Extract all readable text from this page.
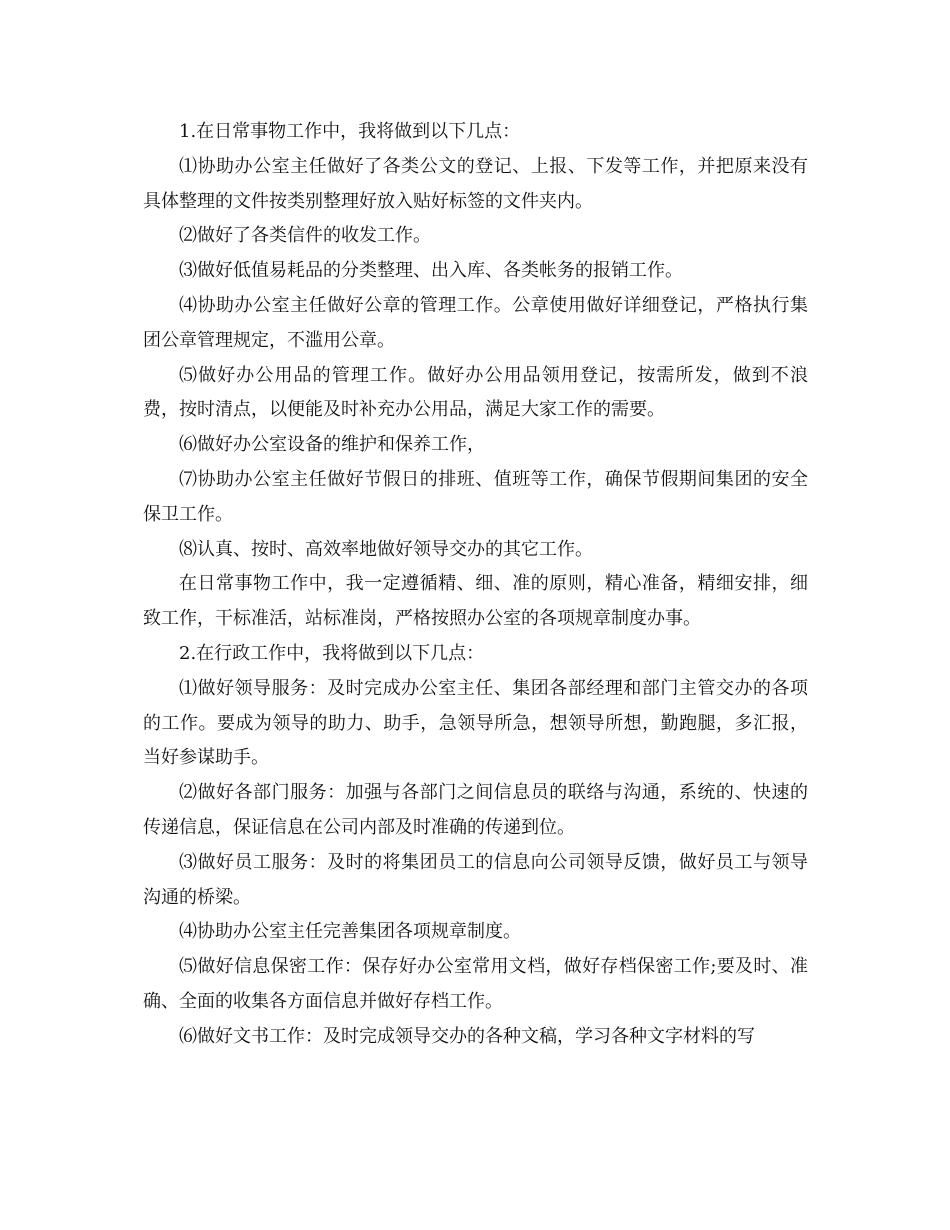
1.在日常事物工作中，我将做到以下几点：

⑴协助办公室主任做好了各类公文的登记、上报、下发等工作，并把原来没有具体整理的文件按类别整理好放入贴好标签的文件夹内。

⑵做好了各类信件的收发工作。

⑶做好低值易耗品的分类整理、出入库、各类帐务的报销工作。

⑷协助办公室主任做好公章的管理工作。公章使用做好详细登记，严格执行集团公章管理规定，不滥用公章。

⑸做好办公用品的管理工作。做好办公用品领用登记，按需所发，做到不浪费，按时清点，以便能及时补充办公用品，满足大家工作的需要。

⑹做好办公室设备的维护和保养工作，

⑺协助办公室主任做好节假日的排班、值班等工作，确保节假期间集团的安全保卫工作。

⑻认真、按时、高效率地做好领导交办的其它工作。

在日常事物工作中，我一定遵循精、细、准的原则，精心准备，精细安排，细致工作，干标准活，站标准岗，严格按照办公室的各项规章制度办事。

2.在行政工作中，我将做到以下几点：

⑴做好领导服务：及时完成办公室主任、集团各部经理和部门主管交办的各项的工作。要成为领导的助力、助手，急领导所急，想领导所想，勤跑腿，多汇报，当好参谋助手。

⑵做好各部门服务：加强与各部门之间信息员的联络与沟通，系统的、快速的传递信息，保证信息在公司内部及时准确的传递到位。

⑶做好员工服务：及时的将集团员工的信息向公司领导反馈，做好员工与领导沟通的桥梁。

⑷协助办公室主任完善集团各项规章制度。

⑸做好信息保密工作：保存好办公室常用文档，做好存档保密工作;要及时、准确、全面的收集各方面信息并做好存档工作。

⑹做好文书工作：及时完成领导交办的各种文稿，学习各种文字材料的写
